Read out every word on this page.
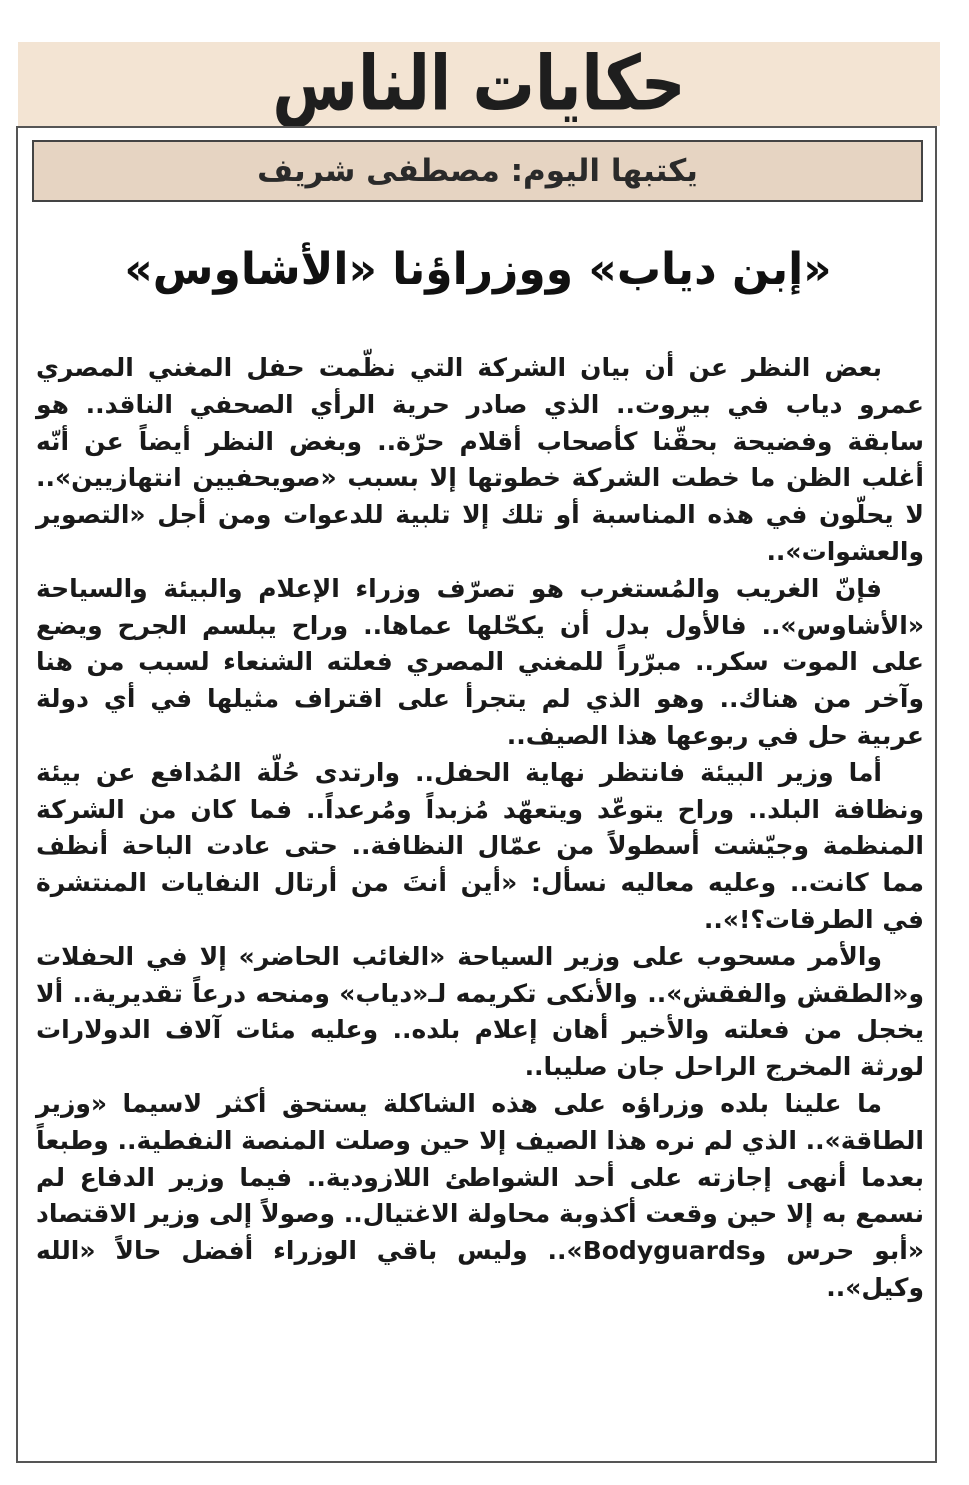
حكايات الناس
يكتبها اليوم: مصطفى شريف
«إبن دياب» ووزراؤنا «الأشاوس»

بعض النظر عن أن بيان الشركة التي نظّمت حفل المغني المصري عمرو دياب في بيروت.. الذي صادر حرية الرأي الصحفي الناقد.. هو سابقة وفضيحة بحقّنا كأصحاب أقلام حرّة.. وبغض النظر أيضاً عن أنّه أغلب الظن ما خطت الشركة خطوتها إلا بسبب «صويحفيين انتهازيين».. لا يحلّون في هذه المناسبة أو تلك إلا تلبية للدعوات ومن أجل «التصوير والعشوات»..

فإنّ الغريب والمُستغرب هو تصرّف وزراء الإعلام والبيئة والسياحة «الأشاوس».. فالأول بدل أن يكحّلها عماها.. وراح يبلسم الجرح ويضع على الموت سكر.. مبرّراً للمغني المصري فعلته الشنعاء لسبب من هنا وآخر من هناك.. وهو الذي لم يتجرأ على اقتراف مثيلها في أي دولة عربية حل في ربوعها هذا الصيف..

أما وزير البيئة فانتظر نهاية الحفل.. وارتدى حُلّة المُدافع عن بيئة ونظافة البلد.. وراح يتوعّد ويتعهّد مُزبداً ومُرعداً.. فما كان من الشركة المنظمة وجيّشت أسطولاً من عمّال النظافة.. حتى عادت الباحة أنظف مما كانت.. وعليه معاليه نسأل: «أين أنتَ من أرتال النفايات المنتشرة في الطرقات؟!»..

والأمر مسحوب على وزير السياحة «الغائب الحاضر» إلا في الحفلات و«الطقش والفقش».. والأنكى تكريمه لـ«دياب» ومنحه درعاً تقديرية.. ألا يخجل من فعلته والأخير أهان إعلام بلده.. وعليه مئات آلاف الدولارات لورثة المخرج الراحل جان صليبا..

ما علينا بلده وزراؤه على هذه الشاكلة يستحق أكثر لاسيما «وزير الطاقة».. الذي لم نره هذا الصيف إلا حين وصلت المنصة النفطية.. وطبعاً بعدما أنهى إجازته على أحد الشواطئ اللازودية.. فيما وزير الدفاع لم نسمع به إلا حين وقعت أكذوبة محاولة الاغتيال.. وصولاً إلى وزير الاقتصاد «أبو حرس وBodyguards».. وليس باقي الوزراء أفضل حالاً «الله وكيل»..
